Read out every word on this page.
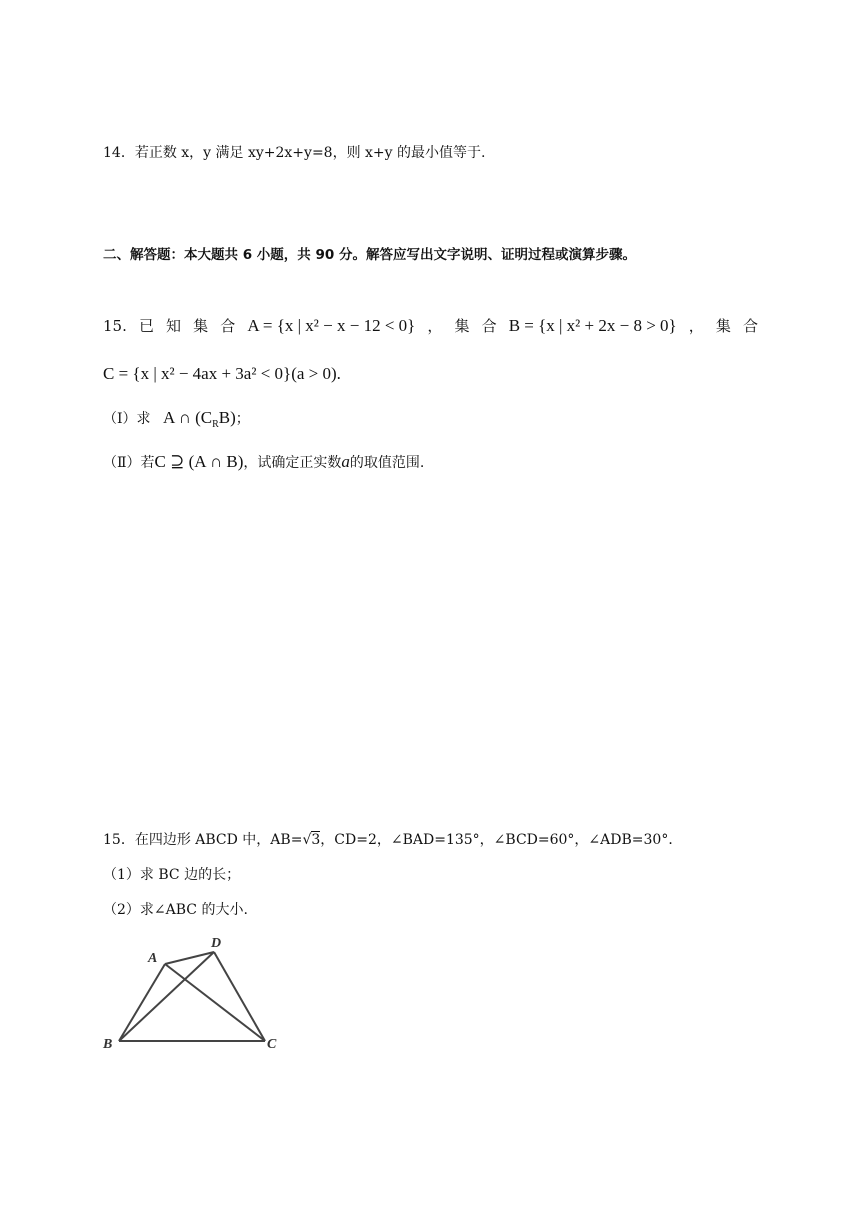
14．若正数 x，y 满足 xy+2x+y=8，则 x+y 的最小值等于.
二、解答题：本大题共 6 小题，共 90 分。解答应写出文字说明、证明过程或演算步骤。
15. 已 知 集 合 A = {x | x² − x − 12 < 0} ， 集 合 B = {x | x² + 2x − 8 > 0} ， 集 合
C = {x | x² − 4ax + 3a² < 0}(a > 0).
（Ⅰ）求 A ∩ $(C_RB)$；
（Ⅱ）若C ⊇ (A ∩ B)，试确定正实数a的取值范围.
15．在四边形 ABCD 中，AB=√3，CD=2，∠BAD=135°，∠BCD=60°，∠ADB=30°．
（1）求 BC 边的长；
（2）求∠ABC 的大小.
A
D
B	C
